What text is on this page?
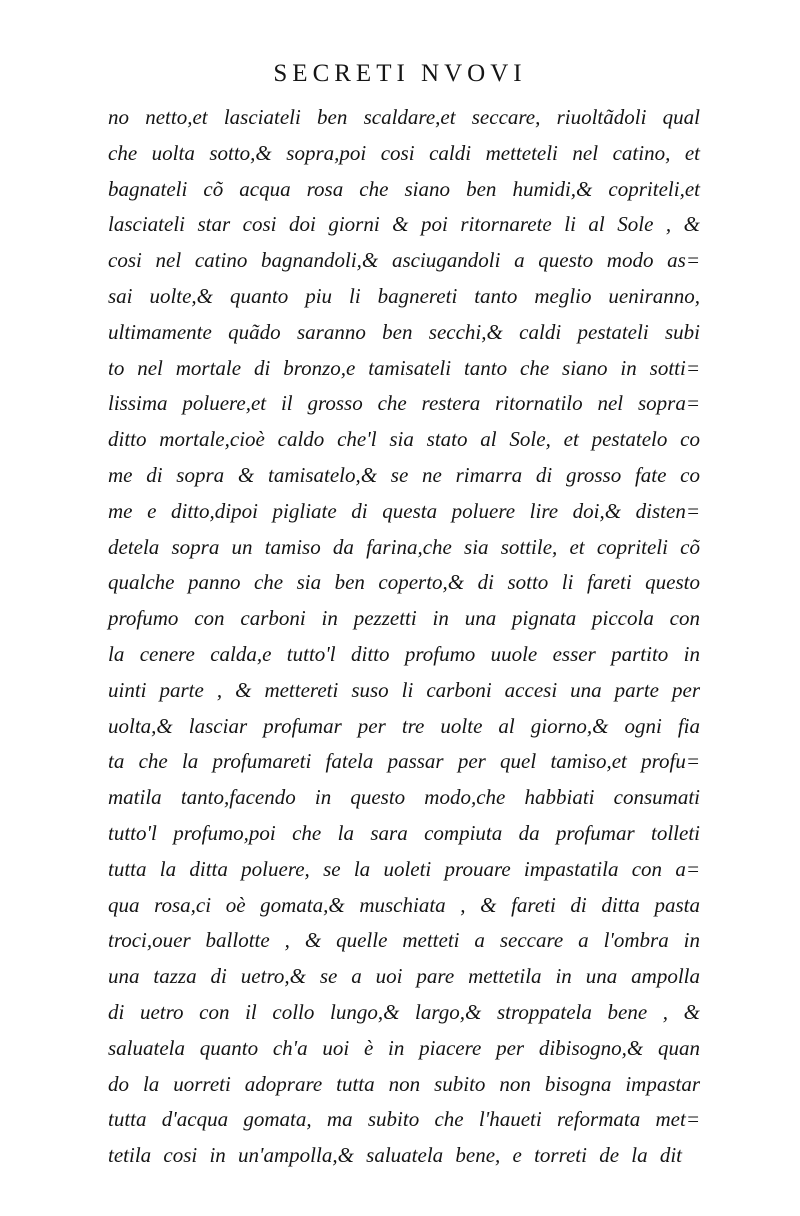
SECRETI NVOVI
no netto,et lasciateli ben scaldare,et seccare, riuoltãdoli qual
che uolta sotto,& sopra,poi cosi caldi metteteli nel catino, et
bagnateli cõ acqua rosa che siano ben humidi,& copriteli,et
lasciateli star cosi doi giorni & poi ritornarete li al Sole , &
cosi nel catino bagnandoli,& asciugandoli a questo modo as=
sai uolte,& quanto piu li bagnereti tanto meglio ueniranno,
ultimamente quãdo saranno ben secchi,& caldi pestateli subi
to nel mortale di bronzo,e tamisateli tanto che siano in sotti=
lissima poluere,et il grosso che restera ritornatilo nel sopra=
ditto mortale,cioè caldo che'l sia stato al Sole, et pestatelo co
me di sopra & tamisatelo,& se ne rimarra di grosso fate co
me e ditto,dipoi pigliate di questa poluere lire doi,& disten=
detela sopra un tamiso da farina,che sia sottile, et copriteli cõ
qualche panno che sia ben coperto,& di sotto li fareti questo
profumo con carboni in pezzetti in una pignata piccola con
la cenere calda,e tutto'l ditto profumo uuole esser partito in
uinti parte , & mettereti suso li carboni accesi una parte per
uolta,& lasciar profumar per tre uolte al giorno,& ogni fia
ta che la profumareti fatela passar per quel tamiso,et profu=
matila tanto,facendo in questo modo,che habbiati consumati
tutto'l profumo,poi che la sara compiuta da profumar tolleti
tutta la ditta poluere, se la uoleti prouare impastatila con a=
qua rosa,ci oè gomata,& muschiata , & fareti di ditta pasta
troci,ouer ballotte , & quelle metteti a seccare a l'ombra in
una tazza di uetro,& se a uoi pare mettetila in una ampolla
di uetro con il collo lungo,& largo,& stroppatela bene , &
saluatela quanto ch'a uoi è in piacere per dibisogno,& quan
do la uorreti adoprare tutta non subito non bisogna impastar
tutta d'acqua gomata, ma subito che l'haueti reformata met=
tetila cosi in un'ampolla,& saluatela bene, e torreti de la dit
